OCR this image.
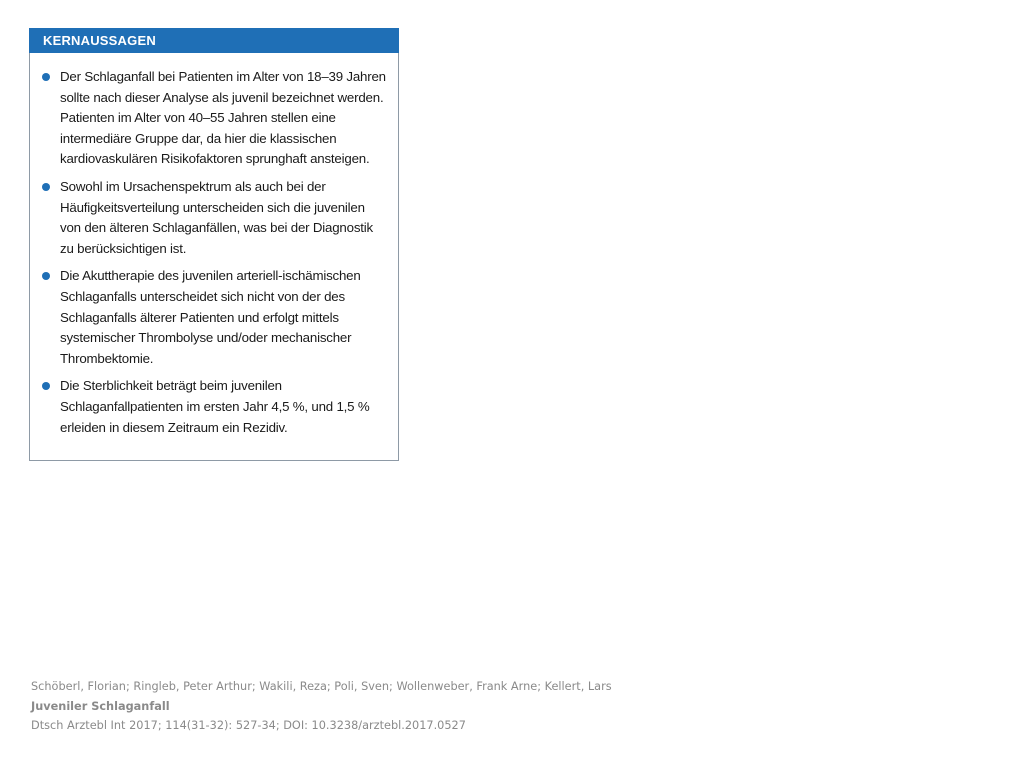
KERNAUSSAGEN
Der Schlaganfall bei Patienten im Alter von 18–39 Jahren sollte nach dieser Analyse als juvenil bezeichnet werden. Patienten im Alter von 40–55 Jahren stellen eine intermediäre Gruppe dar, da hier die klassischen kardiovaskulären Risikofaktoren sprunghaft ansteigen.
Sowohl im Ursachenspektrum als auch bei der Häufigkeitsverteilung unterscheiden sich die juvenilen von den älteren Schlaganfällen, was bei der Diagnostik zu berücksichtigen ist.
Die Akuttherapie des juvenilen arteriell-ischämischen Schlaganfalls unterscheidet sich nicht von der des Schlaganfalls älterer Patienten und erfolgt mittels systemischer Thrombolyse und/oder mechanischer Thrombektomie.
Die Sterblichkeit beträgt beim juvenilen Schlaganfallpatienten im ersten Jahr 4,5 %, und 1,5 % erleiden in diesem Zeitraum ein Rezidiv.
Schöberl, Florian; Ringleb, Peter Arthur; Wakili, Reza; Poli, Sven; Wollenweber, Frank Arne; Kellert, Lars
Juveniler Schlaganfall
Dtsch Arztebl Int 2017; 114(31-32): 527-34; DOI: 10.3238/arztebl.2017.0527
